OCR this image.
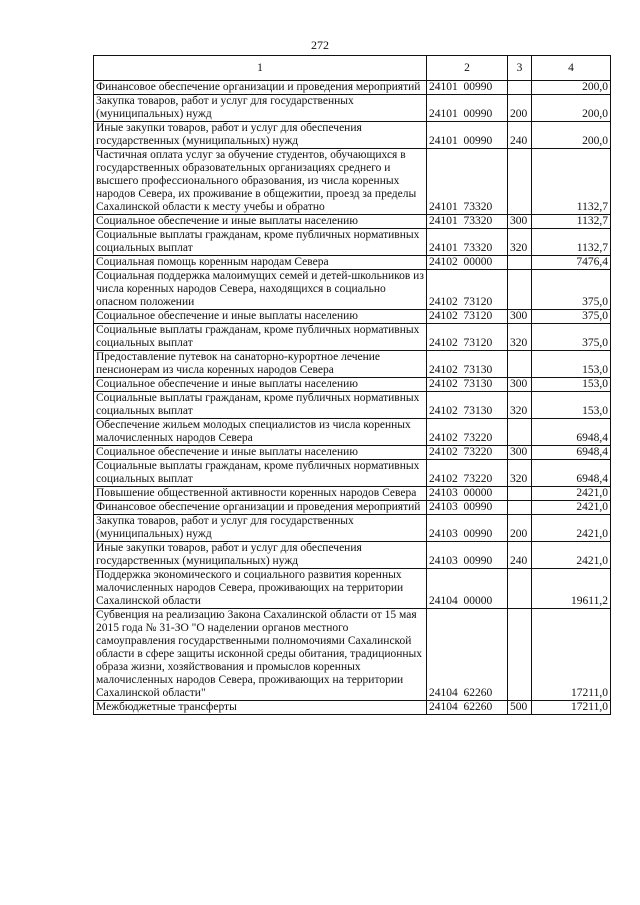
272
1	2	3	4
Финансовое обеспечение организации и проведения мероприятий	24101  00990		200,0
Закупка товаров, работ и услуг для государственных (муниципальных) нужд	24101  00990	200	200,0
Иные закупки товаров, работ и услуг для обеспечения государственных (муниципальных) нужд	24101  00990	240	200,0
Частичная оплата услуг за обучение студентов, обучающихся в государственных образовательных организациях среднего и высшего профессионального образования, из числа коренных народов Севера, их проживание в общежитии, проезд за пределы Сахалинской области к месту учебы и обратно	24101  73320		1132,7
Социальное обеспечение и иные выплаты населению	24101  73320	300	1132,7
Социальные выплаты гражданам, кроме публичных нормативных социальных выплат	24101  73320	320	1132,7
Социальная помощь коренным народам Севера	24102  00000		7476,4
Социальная поддержка малоимущих семей и детей-школьников из числа коренных народов Севера, находящихся в социально опасном положении	24102  73120		375,0
Социальное обеспечение и иные выплаты населению	24102  73120	300	375,0
Социальные выплаты гражданам, кроме публичных нормативных социальных выплат	24102  73120	320	375,0
Предоставление путевок на санаторно-курортное лечение пенсионерам из числа коренных народов Севера	24102  73130		153,0
Социальное обеспечение и иные выплаты населению	24102  73130	300	153,0
Социальные выплаты гражданам, кроме публичных нормативных социальных выплат	24102  73130	320	153,0
Обеспечение жильем молодых специалистов из числа коренных малочисленных народов Севера	24102  73220		6948,4
Социальное обеспечение и иные выплаты населению	24102  73220	300	6948,4
Социальные выплаты гражданам, кроме публичных нормативных социальных выплат	24102  73220	320	6948,4
Повышение общественной активности коренных народов Севера	24103  00000		2421,0
Финансовое обеспечение организации и проведения мероприятий	24103  00990		2421,0
Закупка товаров, работ и услуг для государственных (муниципальных) нужд	24103  00990	200	2421,0
Иные закупки товаров, работ и услуг для обеспечения государственных (муниципальных) нужд	24103  00990	240	2421,0
Поддержка экономического и социального развития коренных малочисленных народов Севера, проживающих на территории Сахалинской области	24104  00000		19611,2
Субвенция на реализацию Закона Сахалинской области от 15 мая 2015 года № 31-ЗО "О наделении органов местного самоуправления государственными полномочиями Сахалинской области в сфере защиты исконной среды обитания, традиционных образа жизни, хозяйствования и промыслов коренных малочисленных народов Севера, проживающих на территории Сахалинской области"	24104  62260		17211,0
Межбюджетные трансферты	24104  62260	500	17211,0
